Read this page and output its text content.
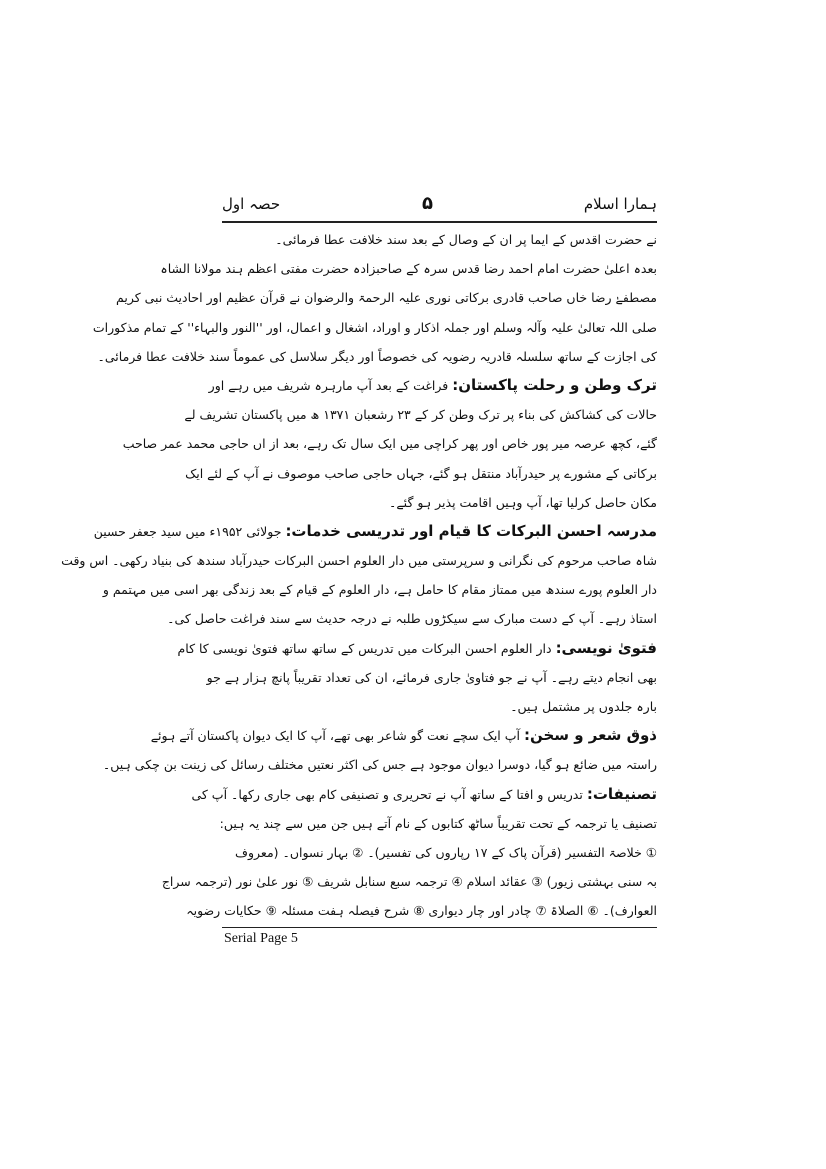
حصہ اول	۵	ہمارا اسلام
نے حضرت اقدس کے ایما پر ان کے وصال کے بعد سند خلافت عطا فرمائی۔
بعدہ اعلیٰ حضرت امام احمد رضا قدس سرہ کے صاحبزادہ حضرت مفتی اعظم ہند مولانا الشاہ
مصطفےٰ رضا خاں صاحب قادری برکاتی نوری علیہ الرحمۃ والرضوان نے قرآن عظیم اور احادیث نبی کریم
صلی اللہ تعالیٰ علیہ وآلہ وسلم اور جملہ اذکار و اوراد، اشغال و اعمال، اور ''النور والبہاء'' کے تمام مذکورات
کی اجازت کے ساتھ سلسلہ قادریہ رضویہ کی خصوصاً اور دیگر سلاسل کی عموماً سند خلافت عطا فرمائی۔
ترک وطن و رحلت پاکستان: فراغت کے بعد آپ مارہرہ شریف میں رہے اور
حالات کی کشاکش کی بناء پر ترک وطن کر کے ۲۳ رشعبان ۱۳۷۱ ھ میں پاکستان تشریف لے
گئے، کچھ عرصہ میر پور خاص اور پھر کراچی میں ایک سال تک رہے، بعد از اں حاجی محمد عمر صاحب
برکاتی کے مشورے پر حیدرآباد منتقل ہو گئے، جہاں حاجی صاحب موصوف نے آپ کے لئے ایک
مکان حاصل کرلیا تھا، آپ وہیں اقامت پذیر ہو گئے۔
مدرسہ احسن البرکات کا قیام اور تدریسی خدمات: جولائی ۱۹۵۲ء میں سید جعفر حسین
شاہ صاحب مرحوم کی نگرانی و سرپرستی میں دار العلوم احسن البرکات حیدرآباد سندھ کی بنیاد رکھی۔ اس وقت
دار العلوم پورے سندھ میں ممتاز مقام کا حامل ہے، دار العلوم کے قیام کے بعد زندگی بھر اسی میں مہتمم و
استاذ رہے۔ آپ کے دست مبارک سے سیکڑوں طلبہ نے درجہ حدیث سے سند فراغت حاصل کی۔
فتویٰ نویسی: دار العلوم احسن البرکات میں تدریس کے ساتھ ساتھ فتویٰ نویسی کا کام
بھی انجام دیتے رہے۔ آپ نے جو فتاویٰ جاری فرمائے، ان کی تعداد تقریباً پانچ ہزار ہے جو
بارہ جلدوں پر مشتمل ہیں۔
ذوق شعر و سخن: آپ ایک سچے نعت گو شاعر بھی تھے، آپ کا ایک دیوان پاکستان آتے ہوئے
راستہ میں ضائع ہو گیا، دوسرا دیوان موجود ہے جس کی اکثر نعتیں مختلف رسائل کی زینت بن چکی ہیں۔
تصنیفات: تدریس و افتا کے ساتھ آپ نے تحریری و تصنیفی کام بھی جاری رکھا۔ آپ کی
تصنیف یا ترجمہ کے تحت تقریباً ساٹھ کتابوں کے نام آتے ہیں جن میں سے چند یہ ہیں:
① خلاصۃ التفسیر (قرآن پاک کے ۱۷ رپاروں کی تفسیر)۔ ② بہار نسواں۔ (معروف
بہ سنی بہشتی زیور) ③ عقائد اسلام ④ ترجمہ سبع سنابل شریف ⑤ نور علیٰ نور (ترجمہ سراج
العوارف)۔ ⑥ الصلاۃ ⑦ چادر اور چار دیواری ⑧ شرح فیصلہ ہفت مسئلہ ⑨ حکایات رضویہ
Serial Page 5
